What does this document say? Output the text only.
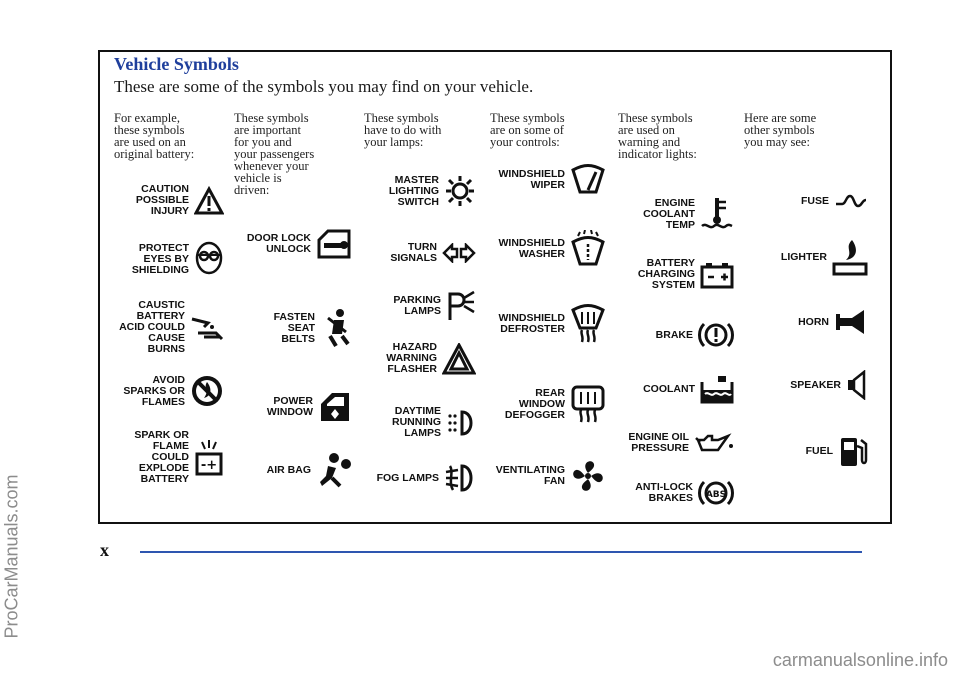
Vehicle Symbols
These are some of the symbols you may find on your vehicle.
For example,
these symbols
are used on an
original battery:
CAUTION
POSSIBLE
INJURY
PROTECT
EYES BY
SHIELDING
CAUSTIC
BATTERY
ACID COULD
CAUSE
BURNS
AVOID
SPARKS OR
FLAMES
SPARK OR
FLAME
COULD
EXPLODE
BATTERY
-+
These symbols
are important
for you and
your passengers
whenever your
vehicle is
driven:
DOOR LOCK
UNLOCK
FASTEN
SEAT
BELTS
POWER
WINDOW
AIR BAG
These symbols
have to do with
your lamps:
MASTER
LIGHTING
SWITCH
TURN
SIGNALS
PARKING
LAMPS
HAZARD
WARNING
FLASHER
DAYTIME
RUNNING
LAMPS
FOG LAMPS
These symbols
are on some of
your controls:
WINDSHIELD
WIPER
WINDSHIELD
WASHER
WINDSHIELD
DEFROSTER
REAR
WINDOW
DEFOGGER
VENTILATING
FAN
These symbols
are used on
warning and
indicator lights:
ENGINE
COOLANT
TEMP
BATTERY
CHARGING
SYSTEM
BRAKE
COOLANT
ENGINE OIL
PRESSURE
ANTI-LOCK
BRAKES ABS
Here are some
other symbols
you may see:
FUSE
LIGHTER
HORN
SPEAKER
FUEL
ProCarManuals.com	x
carmanualsonline.info
